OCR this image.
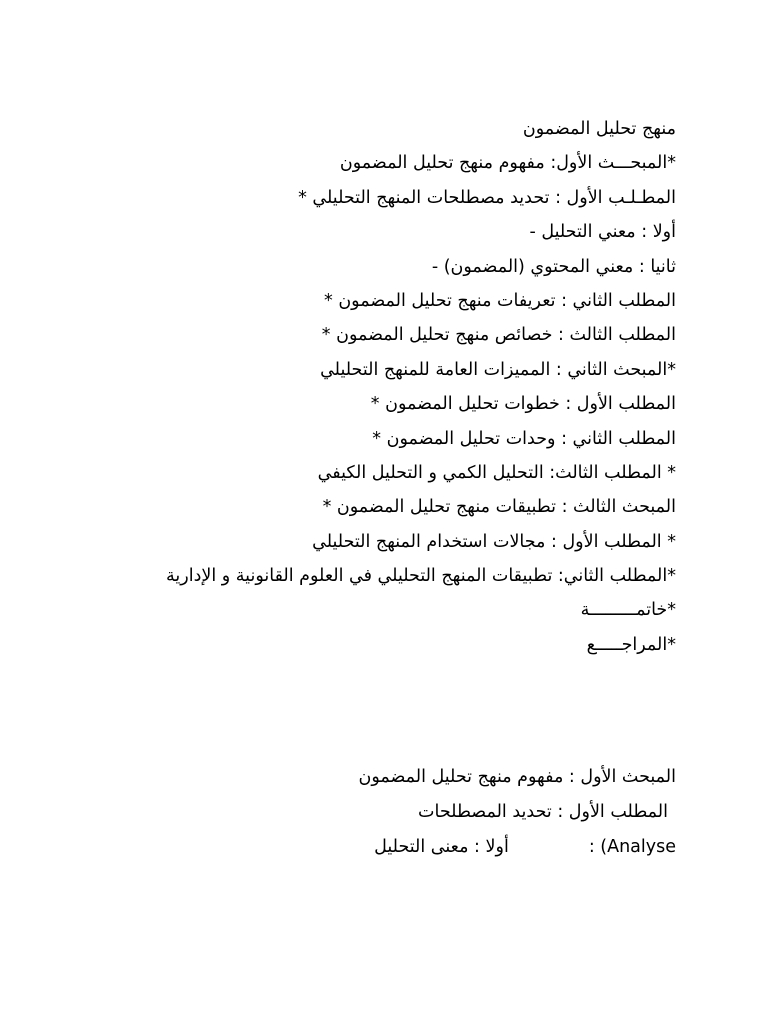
منهج تحليل المضمون
*المبحـــث الأول: مفهوم منهج تحليل المضمون
المطـلـب الأول : تحديد مصطلحات المنهج التحليلي *
أولا : معني التحليل -
ثانيا : معني المحتوي (المضمون) -
المطلب الثاني : تعريفات منهج تحليل المضمون *
المطلب الثالث : خصائص منهج تحليل المضمون *
*المبحث الثاني : المميزات العامة للمنهج التحليلي
المطلب الأول : خطوات تحليل المضمون *
المطلب الثاني : وحدات تحليل المضمون *
* المطلب الثالث: التحليل الكمي و التحليل الكيفي
المبحث الثالث : تطبيقات منهج تحليل المضمون *
* المطلب الأول : مجالات استخدام المنهج التحليلي
*المطلب الثاني: تطبيقات المنهج التحليلي في العلوم القانونية و الإدارية
*خاتمـــــــــة
*المراجـــــع
المبحث الأول : مفهوم منهج تحليل المضمون
المطلب الأول : تحديد المصطلحات
: (Analyse
أولا : معنى التحليل
